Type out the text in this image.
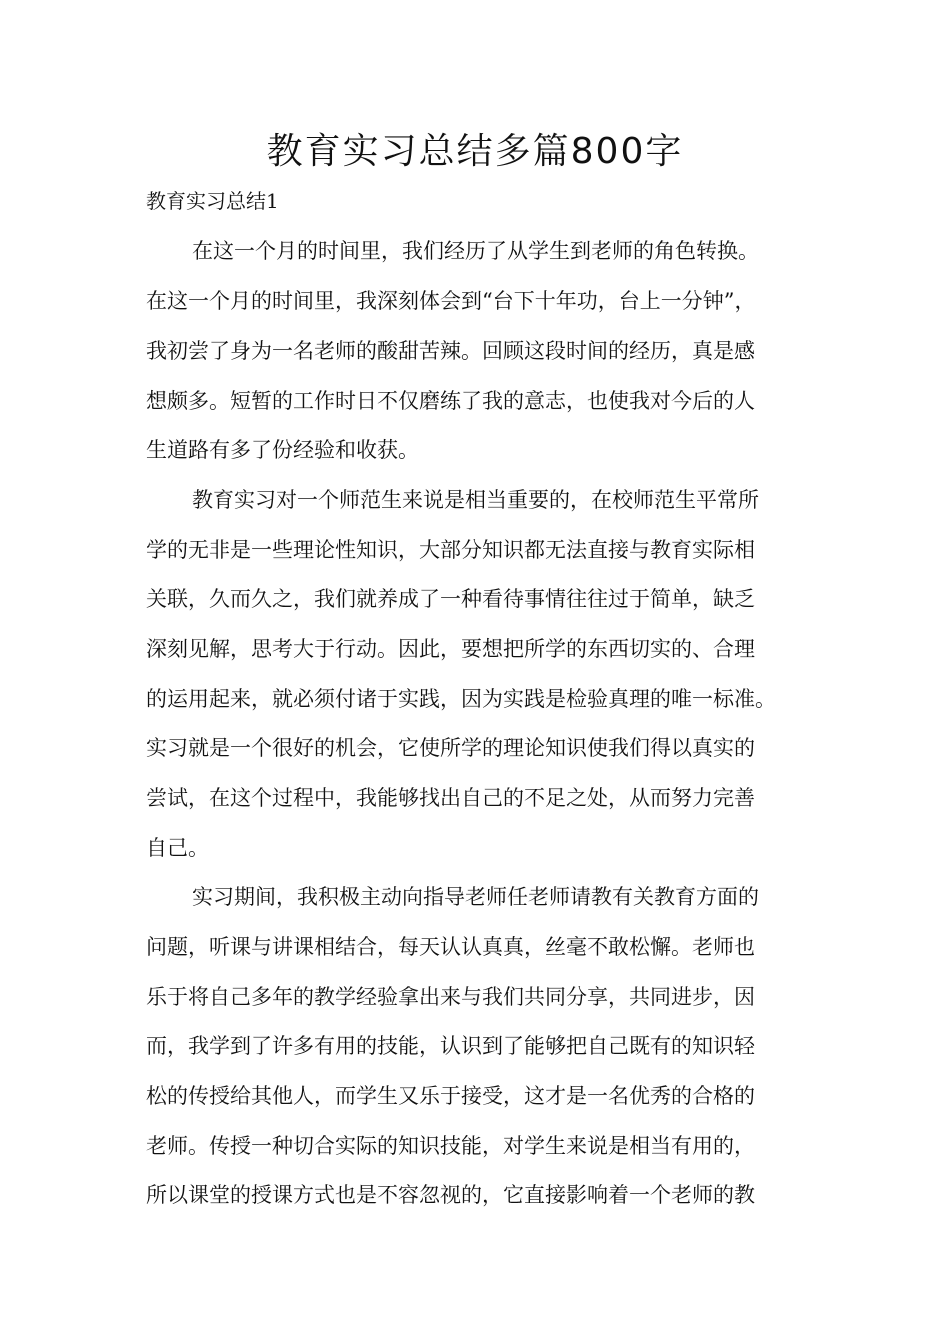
教育实习总结多篇800字

教育实习总结1

在这一个月的时间里，我们经历了从学生到老师的角色转换。

在这一个月的时间里，我深刻体会到“台下十年功，台上一分钟”，

我初尝了身为一名老师的酸甜苦辣。回顾这段时间的经历，真是感

想颇多。短暂的工作时日不仅磨练了我的意志，也使我对今后的人

生道路有多了份经验和收获。

教育实习对一个师范生来说是相当重要的，在校师范生平常所

学的无非是一些理论性知识，大部分知识都无法直接与教育实际相

关联，久而久之，我们就养成了一种看待事情往往过于简单，缺乏

深刻见解，思考大于行动。因此，要想把所学的东西切实的、合理

的运用起来，就必须付诸于实践，因为实践是检验真理的唯一标准。

实习就是一个很好的机会，它使所学的理论知识使我们得以真实的

尝试，在这个过程中，我能够找出自己的不足之处，从而努力完善

自己。

实习期间，我积极主动向指导老师任老师请教有关教育方面的

问题，听课与讲课相结合，每天认认真真，丝毫不敢松懈。老师也

乐于将自己多年的教学经验拿出来与我们共同分享，共同进步，因

而，我学到了许多有用的技能，认识到了能够把自己既有的知识轻

松的传授给其他人，而学生又乐于接受，这才是一名优秀的合格的

老师。传授一种切合实际的知识技能，对学生来说是相当有用的，

所以课堂的授课方式也是不容忽视的，它直接影响着一个老师的教
